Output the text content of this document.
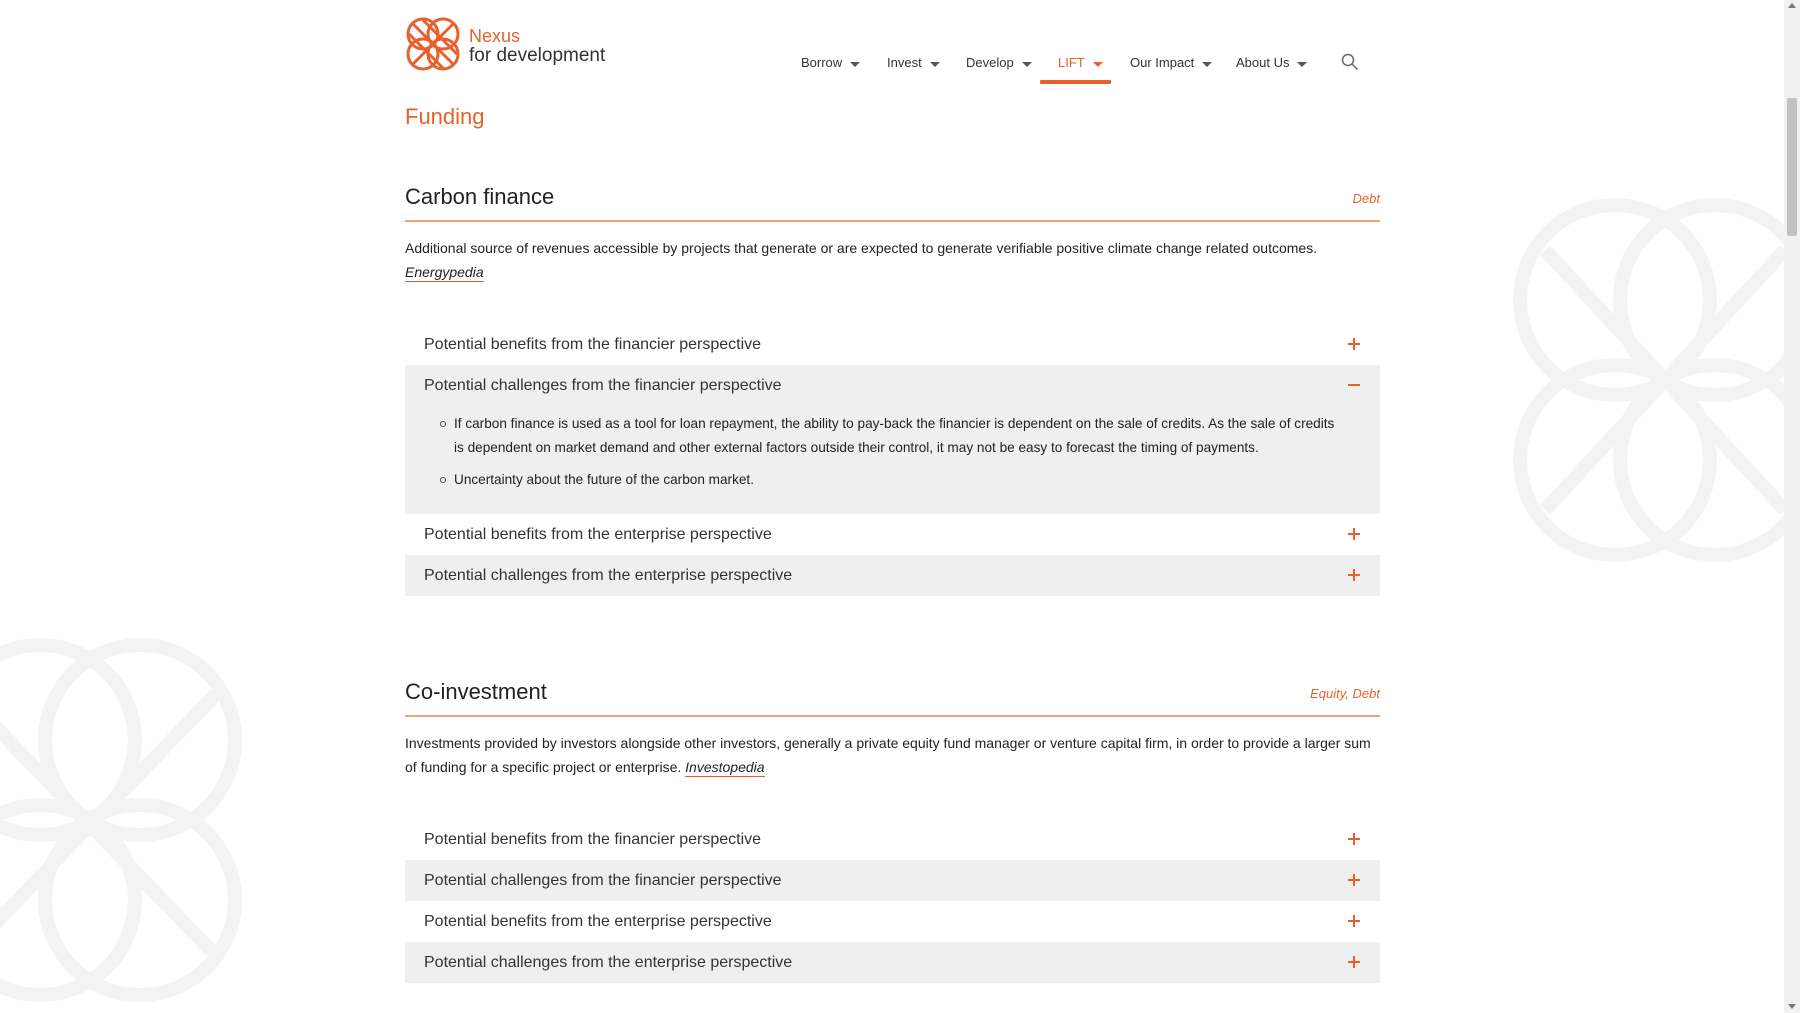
Nexus
for development	Borrow	Invest	Develop	LIFT	Our Impact	About Us
Funding
Carbon finance	Debt
Additional source of revenues accessible by projects that generate or are expected to generate verifiable positive climate change related outcomes.
Energypedia
Potential benefits from the financier perspective
Potential challenges from the financier perspective
If carbon finance is used as a tool for loan repayment, the ability to pay-back the financier is dependent on the sale of credits. As the sale of credits is dependent on market demand and other external factors outside their control, it may not be easy to forecast the timing of payments.
Uncertainty about the future of the carbon market.
Potential benefits from the enterprise perspective
Potential challenges from the enterprise perspective
Co-investment	Equity, Debt
Investments provided by investors alongside other investors, generally a private equity fund manager or venture capital firm, in order to provide a larger sum of funding for a specific project or enterprise. Investopedia
Potential benefits from the financier perspective
Potential challenges from the financier perspective
Potential benefits from the enterprise perspective
Potential challenges from the enterprise perspective
